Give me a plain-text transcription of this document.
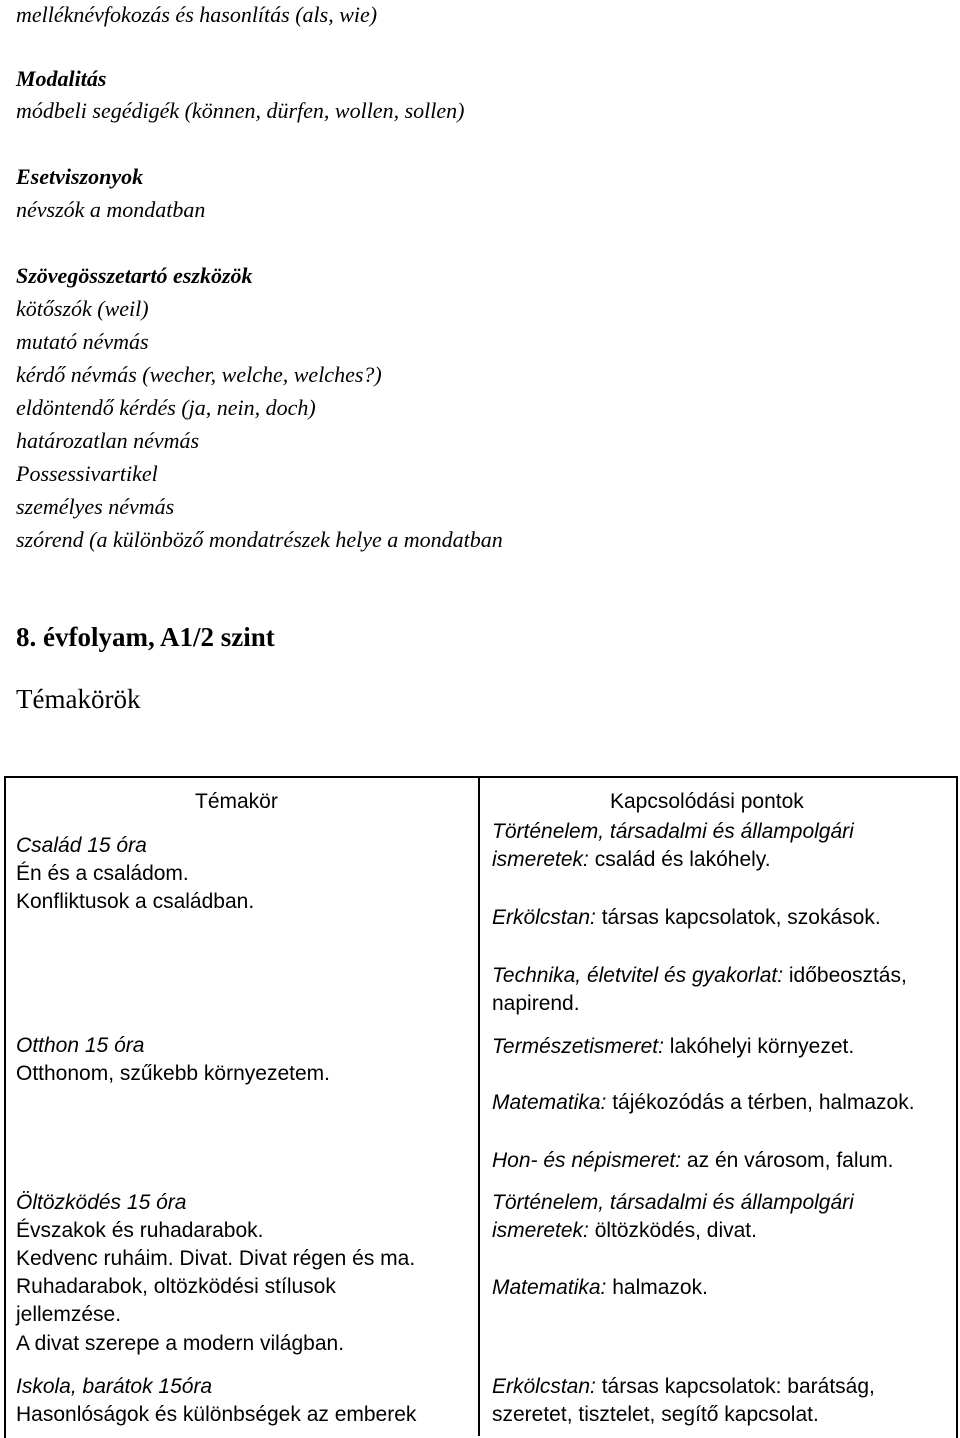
melléknévfokozás és hasonlítás (als, wie)
Modalitás
módbeli segédigék (können, dürfen, wollen, sollen)
Esetviszonyok
névszók a mondatban
Szövegösszetartó eszközök
kötőszók (weil)
mutató névmás
kérdő névmás (wecher, welche, welches?)
eldöntendő kérdés (ja, nein, doch)
határozatlan névmás
Possessivartikel
személyes névmás
szórend (a különböző mondatrészek helye a mondatban
8. évfolyam, A1/2 szint
Témakörök
Témakör	Kapcsolódási pontok
Család 15 óra
Én és a családom.
Konfliktusok a családban.
Otthon 15 óra
Otthonom, szűkebb környezetem.
Öltözködés 15 óra
Évszakok és ruhadarabok.
Kedvenc ruháim. Divat. Divat régen és ma.
Ruhadarabok, oltözködési stílusok
jellemzése.
A divat szerepe a modern világban.
Iskola, barátok 15óra
Hasonlóságok és különbségek az emberek
Történelem, társadalmi és állampolgári
ismeretek: család és lakóhely.
Erkölcstan: társas kapcsolatok, szokások.
Technika, életvitel és gyakorlat: időbeosztás,
napirend.
Természetismeret: lakóhelyi környezet.
Matematika: tájékozódás a térben, halmazok.
Hon- és népismeret: az én városom, falum.
Történelem, társadalmi és állampolgári
ismeretek: öltözködés, divat.
Matematika: halmazok.
Erkölcstan: társas kapcsolatok: barátság,
szeretet, tisztelet, segítő kapcsolat.
